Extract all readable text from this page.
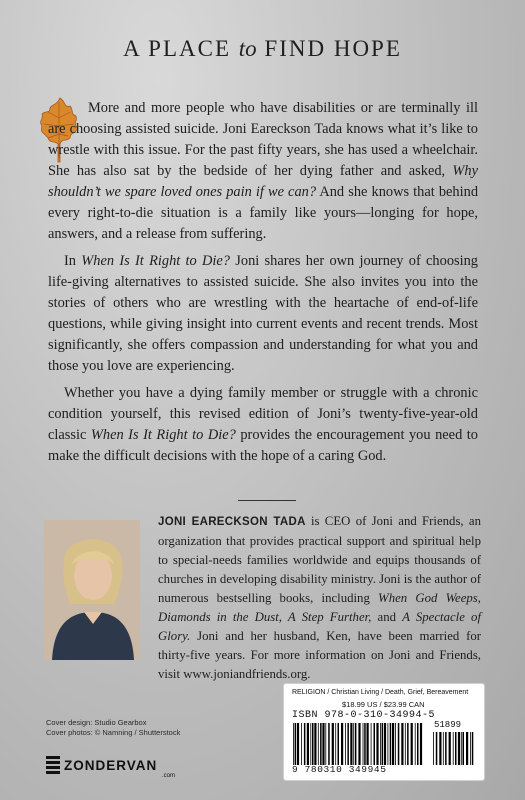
A PLACE to FIND HOPE

More and more people who have disabilities or are terminally ill are choosing assisted suicide. Joni Eareckson Tada knows what it’s like to wrestle with this issue. For the past fifty years, she has used a wheelchair. She has also sat by the bedside of her dying father and asked, Why shouldn’t we spare loved ones pain if we can? And she knows that behind every right-to-die situation is a family like yours—longing for hope, answers, and a release from suffering.

In When Is It Right to Die? Joni shares her own journey of choosing life-giving alternatives to assisted suicide. She also invites you into the stories of others who are wrestling with the heartache of end-of-life questions, while giving insight into current events and recent trends. Most significantly, she offers compassion and understanding for what you and those you love are experiencing.

Whether you have a dying family member or struggle with a chronic condition yourself, this revised edition of Joni’s twenty-five-year-old classic When Is It Right to Die? provides the encouragement you need to make the difficult decisions with the hope of a caring God.

JONI EARECKSON TADA is CEO of Joni and Friends, an organization that provides practical support and spiritual help to special-needs families worldwide and equips thousands of churches in developing disability ministry. Joni is the author of numerous bestselling books, including When God Weeps, Diamonds in the Dust, A Step Further, and A Spectacle of Glory. Joni and her husband, Ken, have been married for thirty-five years. For more information on Joni and Friends, visit www.joniandfriends.org.
Cover design: Studio Gearbox
Cover photos: © Namning / Shutterstock
ZONDERVAN
.com
RELIGION / Christian Living / Death, Grief, Bereavement
$18.99 US / $23.99 CAN
ISBN 978-0-310-34994-5
51899
9 780310 349945
